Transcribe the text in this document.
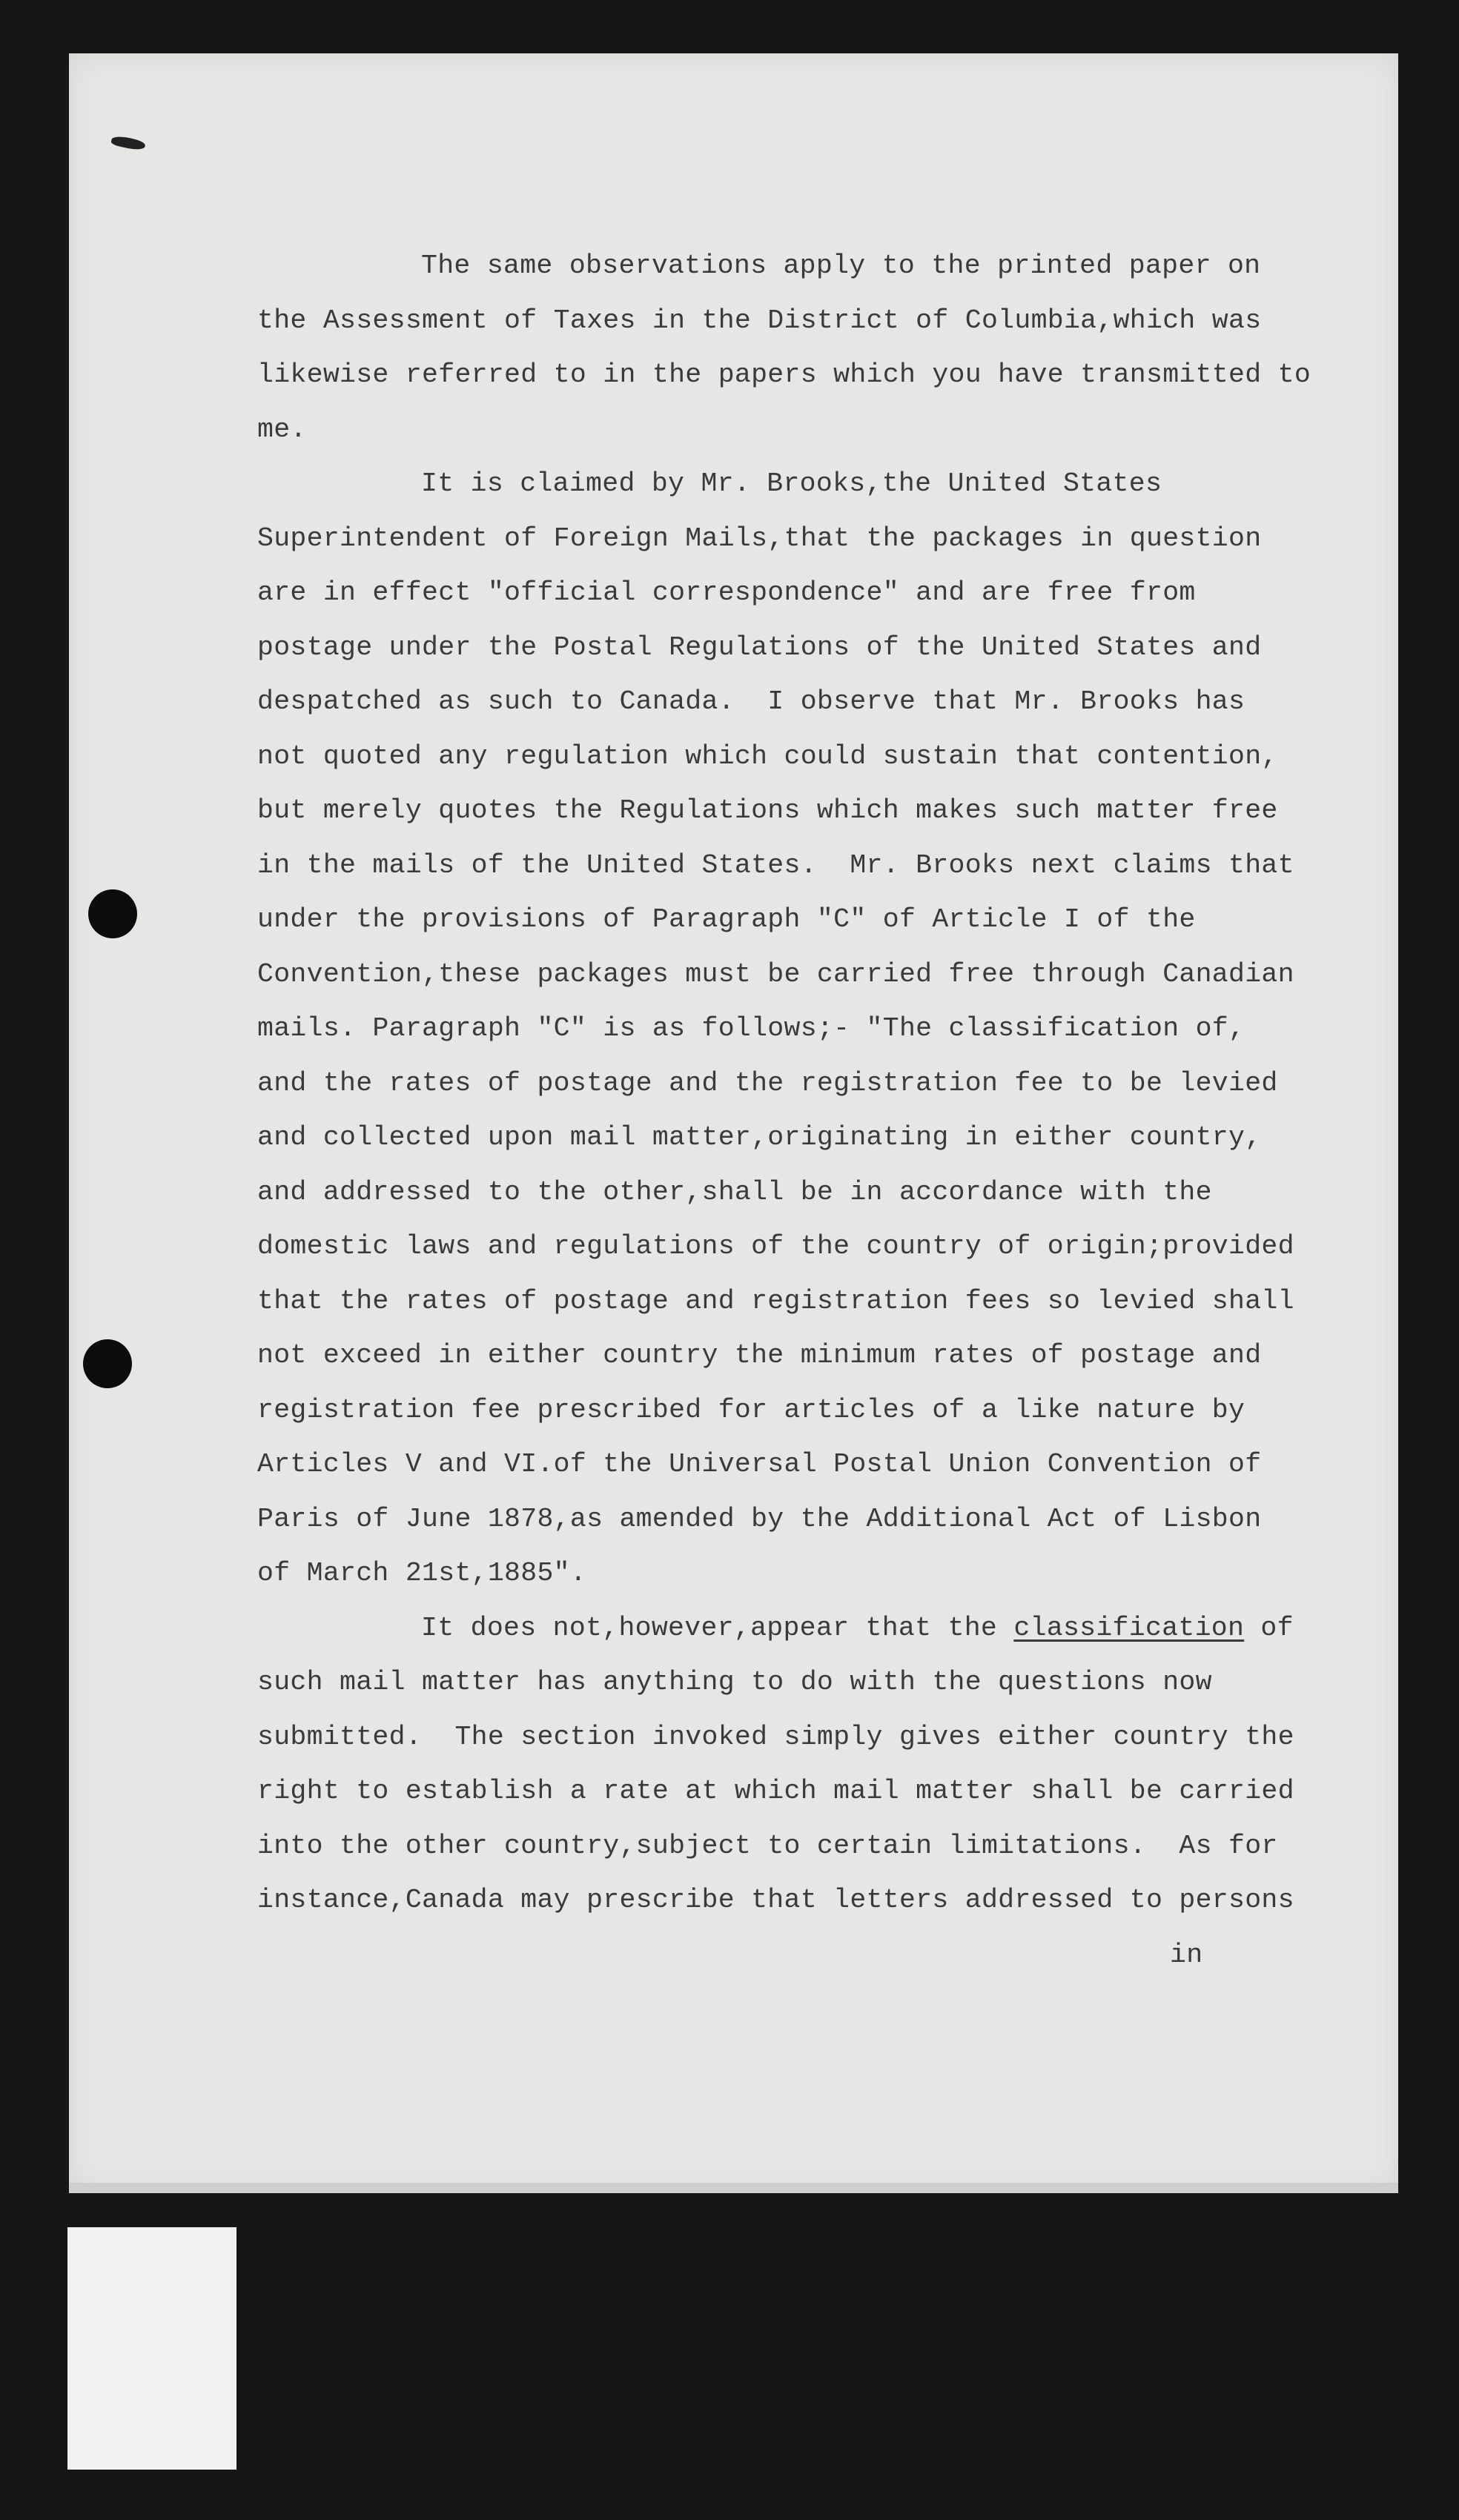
The same observations apply to the printed paper on
the Assessment of Taxes in the District of Columbia,which was
likewise referred to in the papers which you have transmitted to
me.
It is claimed by Mr. Brooks,the United States
Superintendent of Foreign Mails,that the packages in question
are in effect "official correspondence" and are free from
postage under the Postal Regulations of the United States and
despatched as such to Canada.  I observe that Mr. Brooks has
not quoted any regulation which could sustain that contention,
but merely quotes the Regulations which makes such matter free
in the mails of the United States.  Mr. Brooks next claims that
under the provisions of Paragraph "C" of Article I of the
Convention,these packages must be carried free through Canadian
mails. Paragraph "C" is as follows;- "The classification of,
and the rates of postage and the registration fee to be levied
and collected upon mail matter,originating in either country,
and addressed to the other,shall be in accordance with the
domestic laws and regulations of the country of origin;provided
that the rates of postage and registration fees so levied shall
not exceed in either country the minimum rates of postage and
registration fee prescribed for articles of a like nature by
Articles V and VI.of the Universal Postal Union Convention of
Paris of June 1878,as amended by the Additional Act of Lisbon
of March 21st,1885".
It does not,however,appear that the classification of
such mail matter has anything to do with the questions now
submitted.  The section invoked simply gives either country the
right to establish a rate at which mail matter shall be carried
into the other country,subject to certain limitations.  As for
instance,Canada may prescribe that letters addressed to persons
in
